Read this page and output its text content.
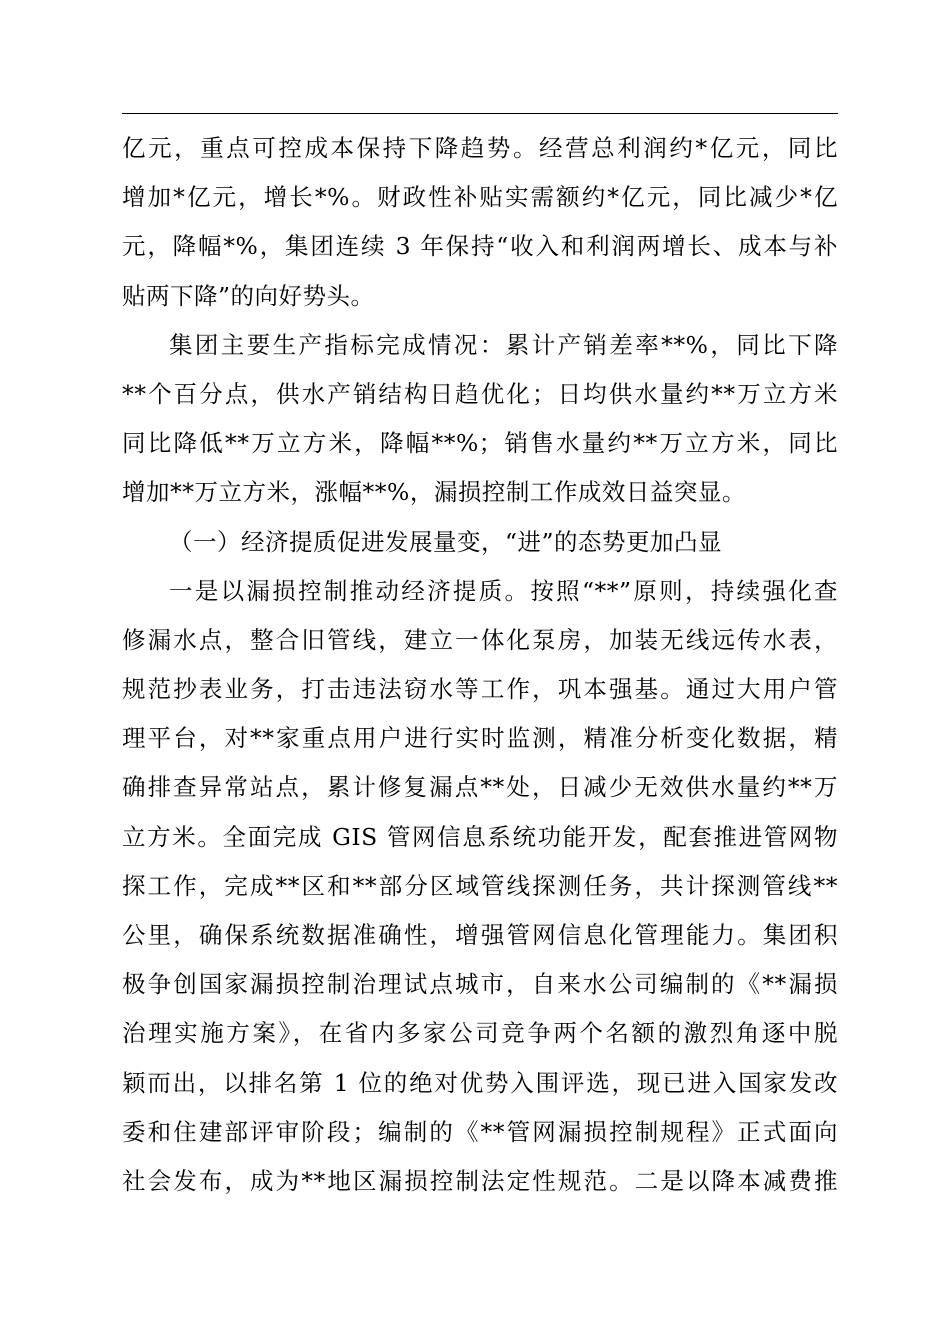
亿元，重点可控成本保持下降趋势。经营总利润约*亿元，同比
增加*亿元，增长*%。财政性补贴实需额约*亿元，同比减少*亿
元，降幅*%，集团连续 3 年保持“收入和利润两增长、成本与补
贴两下降”的向好势头。
集团主要生产指标完成情况：累计产销差率**%，同比下降
**个百分点，供水产销结构日趋优化；日均供水量约**万立方米
同比降低**万立方米，降幅**%；销售水量约**万立方米，同比
增加**万立方米，涨幅**%，漏损控制工作成效日益突显。
（一）经济提质促进发展量变，“进”的态势更加凸显
一是以漏损控制推动经济提质。按照“**”原则，持续强化查
修漏水点，整合旧管线，建立一体化泵房，加装无线远传水表，
规范抄表业务，打击违法窃水等工作，巩本强基。通过大用户管
理平台，对**家重点用户进行实时监测，精准分析变化数据，精
确排查异常站点，累计修复漏点**处，日减少无效供水量约**万
立方米。全面完成 GIS 管网信息系统功能开发，配套推进管网物
探工作，完成**区和**部分区域管线探测任务，共计探测管线**
公里，确保系统数据准确性，增强管网信息化管理能力。集团积
极争创国家漏损控制治理试点城市，自来水公司编制的《**漏损
治理实施方案》，在省内多家公司竞争两个名额的激烈角逐中脱
颖而出，以排名第 1 位的绝对优势入围评选，现已进入国家发改
委和住建部评审阶段；编制的《**管网漏损控制规程》正式面向
社会发布，成为**地区漏损控制法定性规范。二是以降本减费推
